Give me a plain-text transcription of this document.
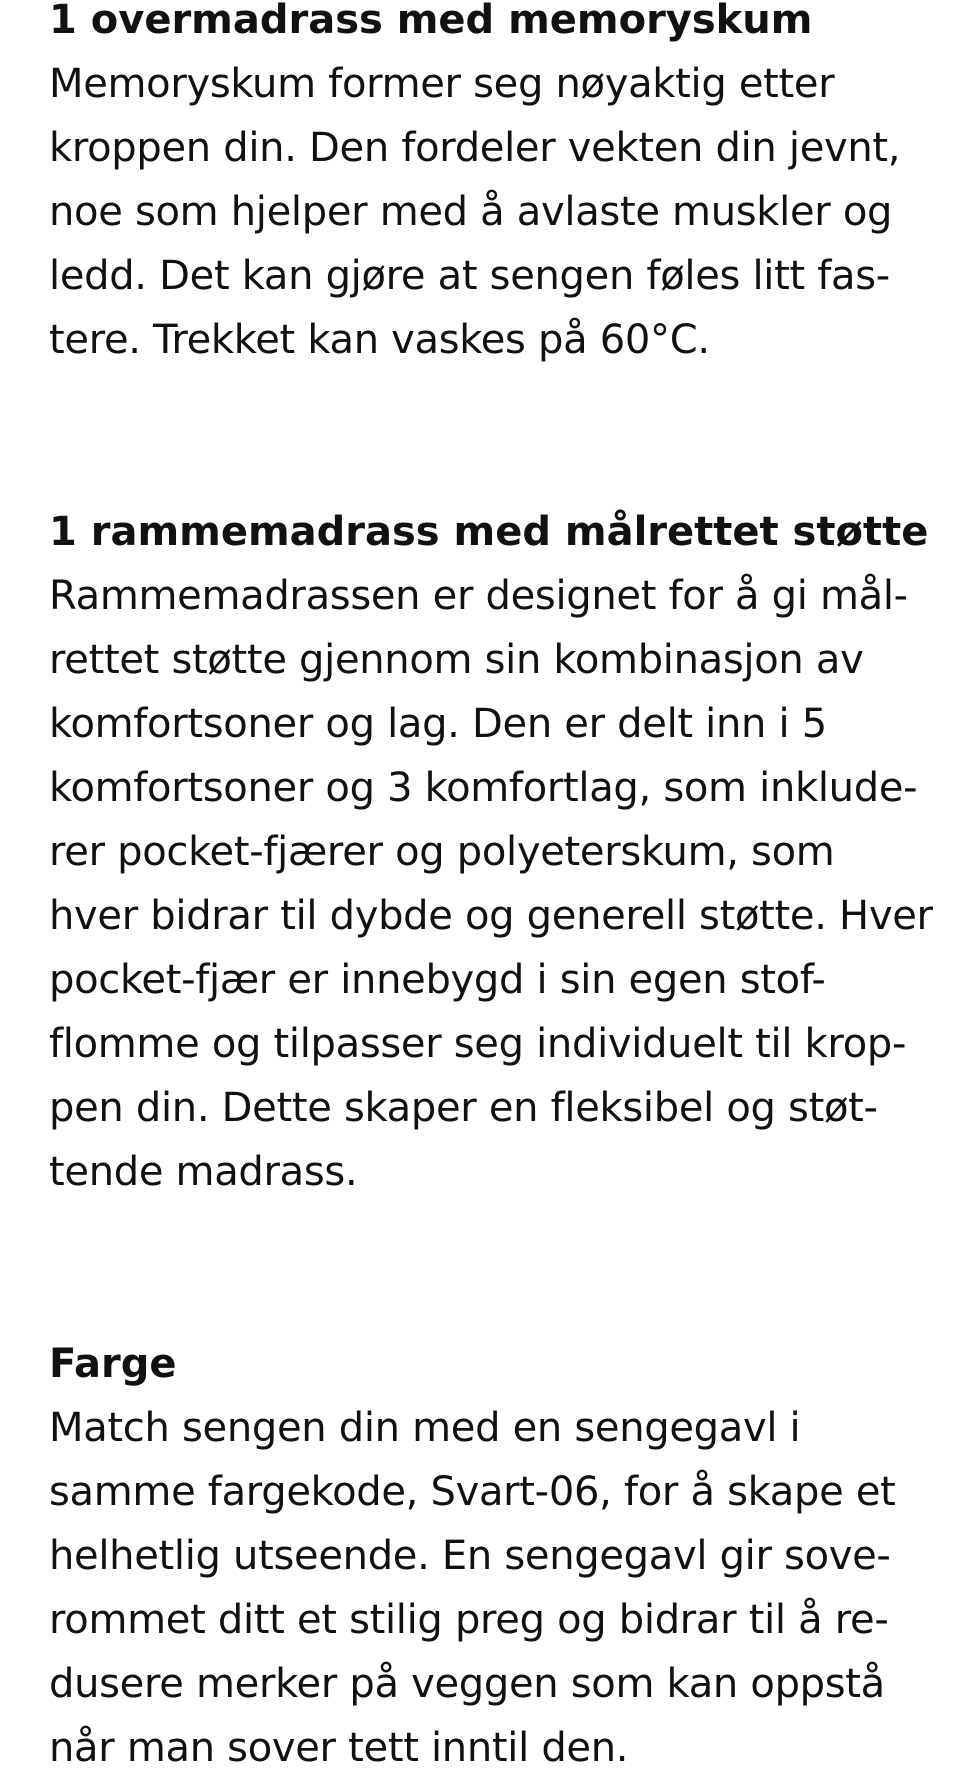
1 overmadrass med memoryskum
Memoryskum former seg nøyaktig etter
kroppen din. Den fordeler vekten din jevnt,
noe som hjelper med å avlaste muskler og
ledd. Det kan gjøre at sengen føles litt fas-
tere. Trekket kan vaskes på 60°C.
1 rammemadrass med målrettet støtte
Rammemadrassen er designet for å gi mål-
rettet støtte gjennom sin kombinasjon av
komfortsoner og lag. Den er delt inn i 5
komfortsoner og 3 komfortlag, som inklude-
rer pocket-fjærer og polyeterskum, som
hver bidrar til dybde og generell støtte. Hver
pocket-fjær er innebygd i sin egen stof-
flomme og tilpasser seg individuelt til krop-
pen din. Dette skaper en fleksibel og støt-
tende madrass.
Farge
Match sengen din med en sengegavl i
samme fargekode, Svart-06, for å skape et
helhetlig utseende. En sengegavl gir sove-
rommet ditt et stilig preg og bidrar til å re-
dusere merker på veggen som kan oppstå
når man sover tett inntil den.
